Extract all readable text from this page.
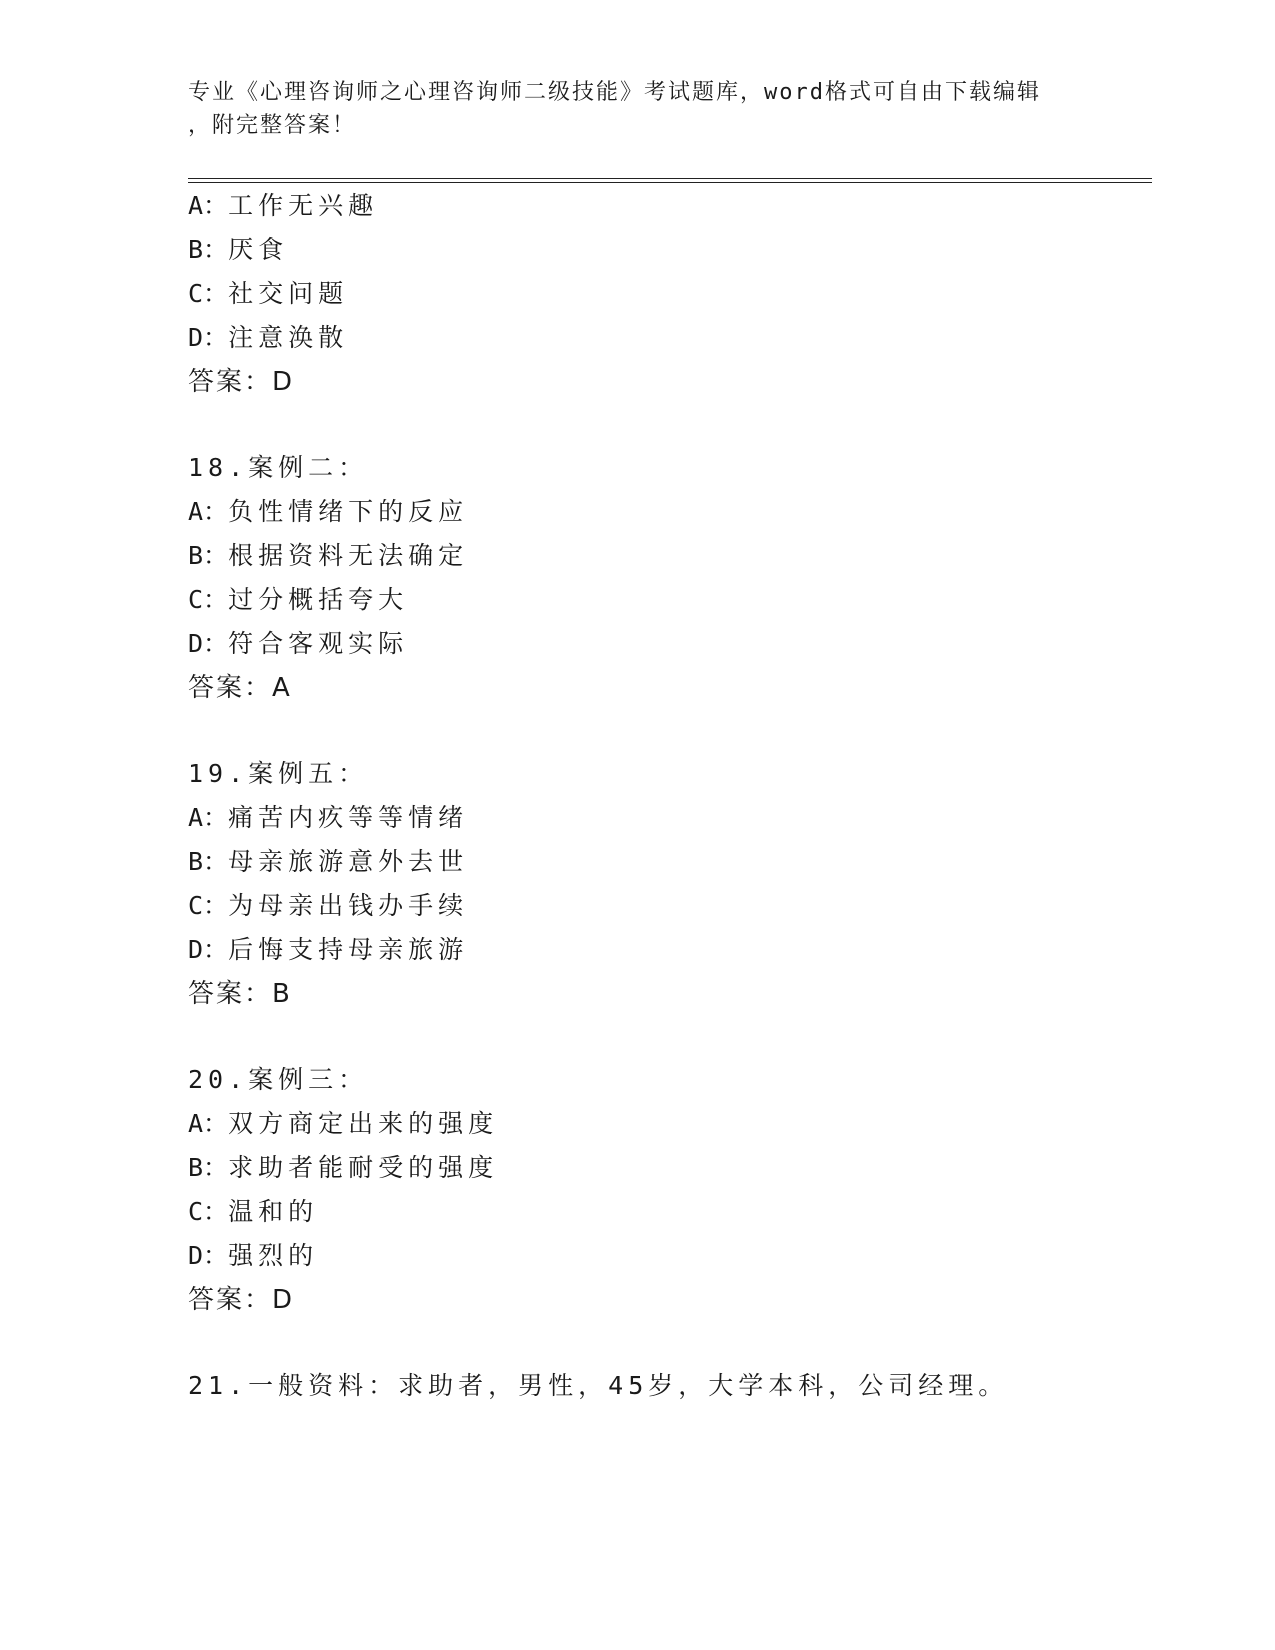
专业《心理咨询师之心理咨询师二级技能》考试题库，word格式可自由下载编辑
，附完整答案！
A：工作无兴趣
B：厌食
C：社交问题
D：注意涣散
答案：D
18.案例二：
A：负性情绪下的反应
B：根据资料无法确定
C：过分概括夸大
D：符合客观实际
答案：A
19.案例五：
A：痛苦内疚等等情绪
B：母亲旅游意外去世
C：为母亲出钱办手续
D：后悔支持母亲旅游
答案：B
20.案例三：
A：双方商定出来的强度
B：求助者能耐受的强度
C：温和的
D：强烈的
答案：D
21.一般资料：求助者，男性，45岁，大学本科，公司经理。
